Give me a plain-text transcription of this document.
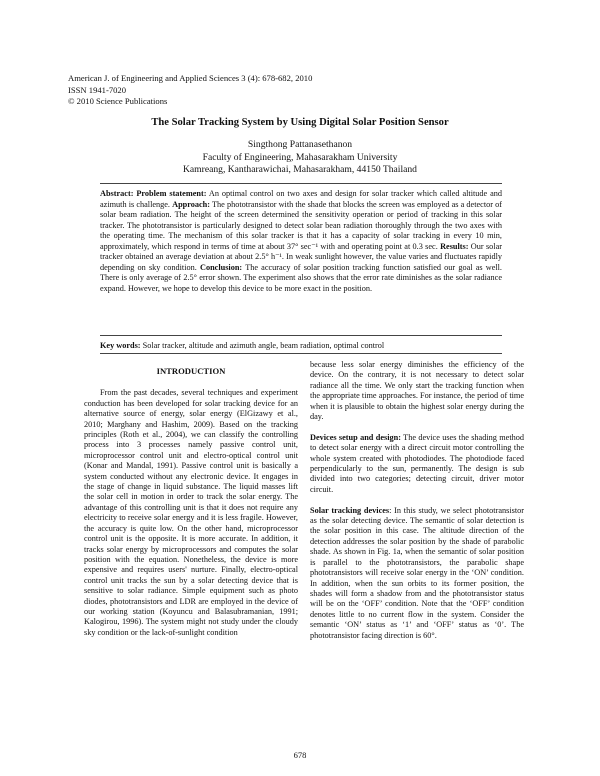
American J. of Engineering and Applied Sciences 3 (4): 678-682, 2010
ISSN 1941-7020
© 2010 Science Publications
The Solar Tracking System by Using Digital Solar Position Sensor
Singthong Pattanasethanon
Faculty of Engineering, Mahasarakham University
Kamreang, Kantharawichai, Mahasarakham, 44150 Thailand
Abstract: Problem statement: An optimal control on two axes and design for solar tracker which called altitude and azimuth is challenge. Approach: The phototransistor with the shade that blocks the screen was employed as a detector of solar beam radiation. The height of the screen determined the sensitivity operation or period of tracking in this solar tracker. The phototransistor is particularly designed to detect solar bean radiation thoroughly through the two axes with the operating time. The mechanism of this solar tracker is that it has a capacity of solar tracking in every 10 min, approximately, which respond in terms of time at about 37° sec⁻¹ with and operating point at 0.3 sec. Results: Our solar tracker obtained an average deviation at about 2.5° h⁻¹. In weak sunlight however, the value varies and fluctuates rapidly depending on sky condition. Conclusion: The accuracy of solar position tracking function satisfied our goal as well. There is only average of 2.5° error shown. The experiment also shows that the error rate diminishes as the solar radiance expand. However, we hope to develop this device to be more exact in the position.
Key words: Solar tracker, altitude and azimuth angle, beam radiation, optimal control
INTRODUCTION

From the past decades, several techniques and experiment conduction has been developed for solar tracking device for an alternative source of energy, solar energy (ElGizawy et al., 2010; Marghany and Hashim, 2009). Based on the tracking principles (Roth et al., 2004), we can classify the controlling process into 3 processes namely passive control unit, microprocessor control unit and electro-optical control unit (Konar and Mandal, 1991). Passive control unit is basically a system conducted without any electronic device. It engages in the stage of change in liquid substance. The liquid masses lift the solar cell in motion in order to track the solar energy. The advantage of this controlling unit is that it does not require any electricity to receive solar energy and it is less fragile. However, the accuracy is quite low. On the other hand, microprocessor control unit is the opposite. It is more accurate. In addition, it tracks solar energy by microprocessors and computes the solar position with the equation. Nonetheless, the device is more expensive and requires users' nurture. Finally, electro-optical control unit tracks the sun by a solar detecting device that is sensitive to solar radiance. Simple equipment such as photo diodes, phototransistors and LDR are employed in the device of our working station (Koyuncu and Balasubramanian, 1991; Kalogirou, 1996). The system might not study under the cloudy sky condition or the lack-of-sunlight condition

because less solar energy diminishes the efficiency of the device. On the contrary, it is not necessary to detect solar radiance all the time. We only start the tracking function when the appropriate time approaches. For instance, the period of time when it is plausible to obtain the highest solar energy during the day.

Devices setup and design: The device uses the shading method to detect solar energy with a direct circuit motor controlling the whole system created with photodiodes. The photodiode faced perpendicularly to the sun, permanently. The design is sub divided into two categories; detecting circuit, driver motor circuit.

Solar tracking devices: In this study, we select phototransistor as the solar detecting device. The semantic of solar detection is the solar position in this case. The altitude direction of the detection addresses the solar position by the shade of parabolic shade. As shown in Fig. 1a, when the semantic of solar position is parallel to the phototransistors, the parabolic shape phototransistors will receive solar energy in the ‘ON’ condition. In addition, when the sun orbits to its former position, the shades will form a shadow from and the phototransistor status will be on the ‘OFF’ condition. Note that the ‘OFF’ condition denotes little to no current flow in the system. Consider the semantic ‘ON’ status as ‘1’ and ‘OFF’ status as ‘0’. The phototransistor facing direction is 60°.

678
